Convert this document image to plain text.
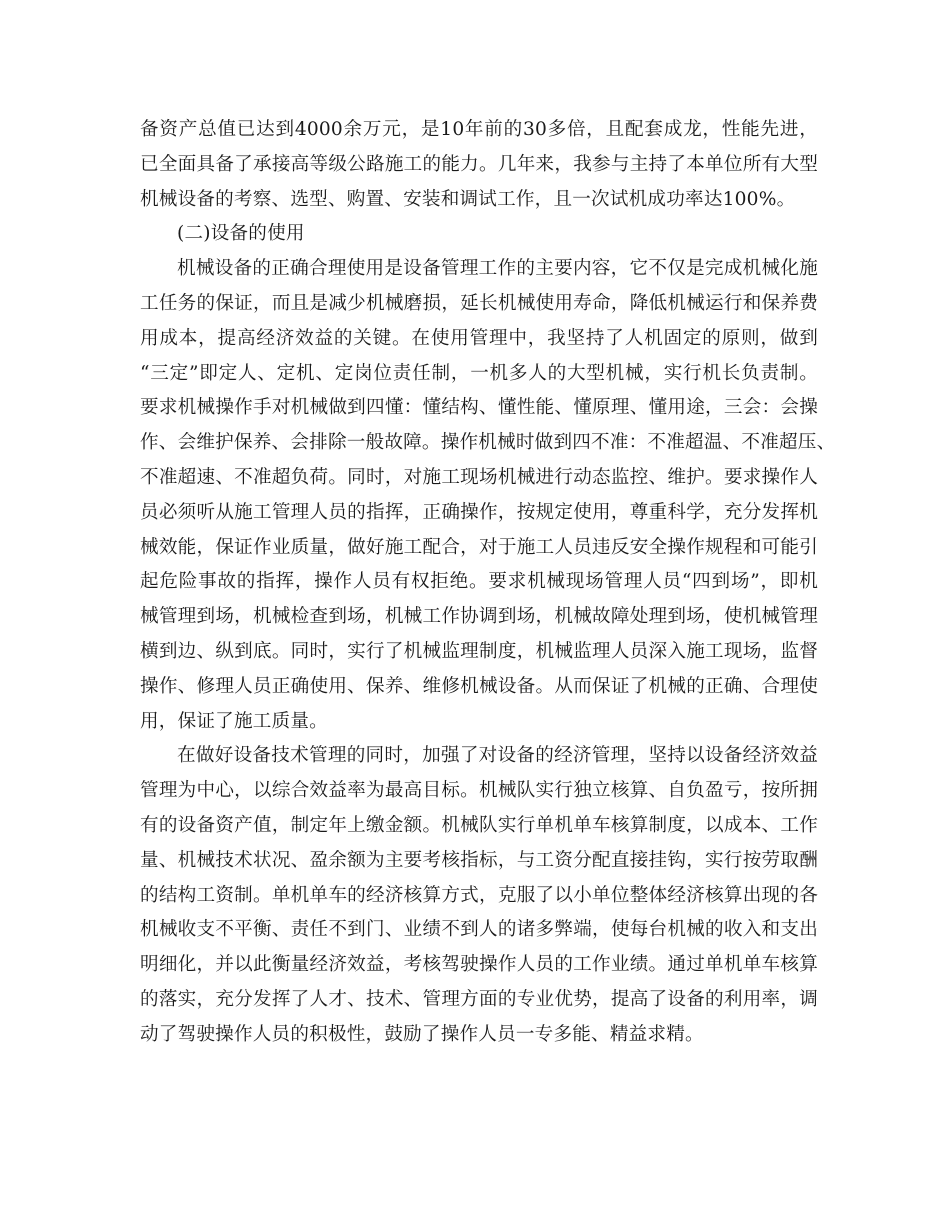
备资产总值已达到4000余万元，是10年前的30多倍，且配套成龙，性能先进，
已全面具备了承接高等级公路施工的能力。几年来，我参与主持了本单位所有大型
机械设备的考察、选型、购置、安装和调试工作，且一次试机成功率达100%。
(二)设备的使用
机械设备的正确合理使用是设备管理工作的主要内容，它不仅是完成机械化施
工任务的保证，而且是减少机械磨损，延长机械使用寿命，降低机械运行和保养费
用成本，提高经济效益的关键。在使用管理中，我坚持了人机固定的原则，做到
“三定”即定人、定机、定岗位责任制，一机多人的大型机械，实行机长负责制。
要求机械操作手对机械做到四懂：懂结构、懂性能、懂原理、懂用途，三会：会操
作、会维护保养、会排除一般故障。操作机械时做到四不准：不准超温、不准超压、
不准超速、不准超负荷。同时，对施工现场机械进行动态监控、维护。要求操作人
员必须听从施工管理人员的指挥，正确操作，按规定使用，尊重科学，充分发挥机
械效能，保证作业质量，做好施工配合，对于施工人员违反安全操作规程和可能引
起危险事故的指挥，操作人员有权拒绝。要求机械现场管理人员“四到场”，即机
械管理到场，机械检查到场，机械工作协调到场，机械故障处理到场，使机械管理
横到边、纵到底。同时，实行了机械监理制度，机械监理人员深入施工现场，监督
操作、修理人员正确使用、保养、维修机械设备。从而保证了机械的正确、合理使
用，保证了施工质量。
在做好设备技术管理的同时，加强了对设备的经济管理，坚持以设备经济效益
管理为中心，以综合效益率为最高目标。机械队实行独立核算、自负盈亏，按所拥
有的设备资产值，制定年上缴金额。机械队实行单机单车核算制度，以成本、工作
量、机械技术状况、盈余额为主要考核指标，与工资分配直接挂钩，实行按劳取酬
的结构工资制。单机单车的经济核算方式，克服了以小单位整体经济核算出现的各
机械收支不平衡、责任不到门、业绩不到人的诸多弊端，使每台机械的收入和支出
明细化，并以此衡量经济效益，考核驾驶操作人员的工作业绩。通过单机单车核算
的落实，充分发挥了人才、技术、管理方面的专业优势，提高了设备的利用率，调
动了驾驶操作人员的积极性，鼓励了操作人员一专多能、精益求精。
